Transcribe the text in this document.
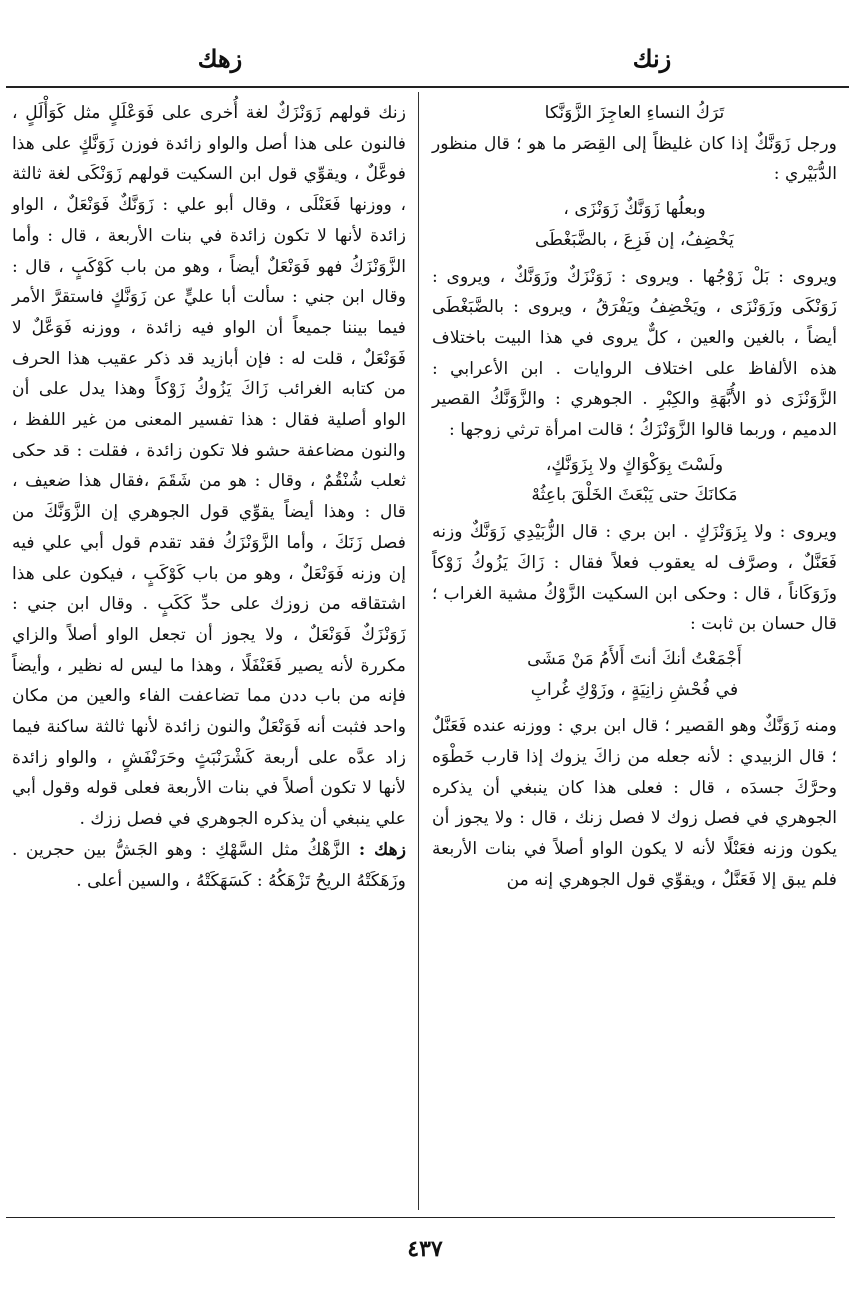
زنك
زهك

تَرَكُ النساءِ العاجِزَ الزَّوَنَّكا

ورجل زَوَنَّكٌ إذا كان غليظاً إلى القِصَر ما هو ؛ قال منظور الدُّبَيْري :

وبعلُها زَوَنَّكٌ زَوَنْزَى ،

يَخْضِفُ، إن فَزِعَ ، بالضَّبَغْطَى

ويروى : بَلْ زَوْجُها . ويروى : زَوَنْزَكٌ وزَوَنَّكٌ ، ويروى : زَوَنْكَى وزَوَنْزَى ، ويَخْضِفُ ويَفْرَقُ ، ويروى : بالضَّبَغْطَى أيضاً ، بالغين والعين ، كلٌّ يروى في هذا البيت باختلاف هذه الألفاظ على اختلاف الروايات . ابن الأعرابي : الزَّوَنْزَى ذو الأُبَّهَةِ والكِبْرِ . الجوهري : والزَّوَنَّكُ القصير الدميم ، وربما قالوا الزَّوَنْزَكُ ؛ قالت امرأة ترثي زوجها :

ولَسْتَ بِوَكْوَاكٍ ولا بِزَوَنَّكٍ،

مَكانَكَ حتى يَبْعَثَ الخَلْقَ باعِثُهْ

ويروى : ولا بِزَوَنْزَكٍ . ابن بري : قال الزُّبَيْدِي زَوَنَّكٌ وزنه فَعَنَّلٌ ، وصرَّف له يعقوب فعلاً فقال : زَاكَ يَزُوكُ زَوْكاً وزَوَكَاناً ، قال : وحكى ابن السكيت الزَّوْكُ مشية الغراب ؛ قال حسان بن ثابت :

أَجْمَعْتُ أنكَ أنتَ أَلأَمُ مَنْ مَشَى

في فُحْشِ زانِيَةٍ ، وزَوْكِ غُرابِ

ومنه زَوَنَّكٌ وهو القصير ؛ قال ابن بري : ووزنه عنده فَعَنَّلٌ ؛ قال الزبيدي : لأنه جعله من زاكَ يزوك إذا قارب خَطْوَه وحرَّكَ جسدَه ، قال : فعلى هذا كان ينبغي أن يذكره الجوهري في فصل زوك لا فصل زنك ، قال : ولا يجوز أن يكون وزنه فعَنْلًا لأنه لا يكون الواو أصلاً في بنات الأربعة فلم يبق إلا فَعَنَّلٌ ، ويقوِّي قول الجوهري إنه من

زنك قولهم زَوَنْزَكٌ لغة أُخرى على فَوَعْلَلٍ مثل كَوَأْلَلٍ ، فالنون على هذا أصل والواو زائدة فوزن زَوَنَّكٍ على هذا فوعَّلٌ ، ويقوِّي قول ابن السكيت قولهم زَوَنْكَى لغة ثالثة ، ووزنها فَعَنْلَى ، وقال أبو علي : زَوَنَّكٌ فَوَنْعَلٌ ، الواو زائدة لأنها لا تكون زائدة في بنات الأربعة ، قال : وأما الزَّوَنْزَكُ فهو فَوَنْعَلٌ أيضاً ، وهو من باب كَوْكَبٍ ، قال : وقال ابن جني : سألت أبا عليٍّ عن زَوَنَّكٍ فاستقرَّ الأمر فيما بيننا جميعاً أن الواو فيه زائدة ، ووزنه فَوَعَّلٌ لا فَوَنْعَلٌ ، قلت له : فإن أبازيد قد ذكر عقيب هذا الحرف من كتابه الغرائب زَاكَ يَزُوكُ زَوْكاً وهذا يدل على أن الواو أصلية فقال : هذا تفسير المعنى من غير اللفظ ، والنون مضاعفة حشو فلا تكون زائدة ، فقلت : قد حكى ثعلب شُنْقُمٌ ، وقال : هو من شَقَمَ ،فقال هذا ضعيف ، قال : وهذا أيضاً يقوِّي قول الجوهري إن الزَّوَنَّكَ من فصل زَنَكَ ، وأما الزَّوَنْزَكُ فقد تقدم قول أبي علي فيه إن وزنه فَوَنْعَلٌ ، وهو من باب كَوْكَبٍ ، فيكون على هذا اشتقاقه من زوزك على حدِّ كَكَبٍ . وقال ابن جني : زَوَنْزَكٌ فَوَنْعَلٌ ، ولا يجوز أن تجعل الواو أصلاً والزاي مكررة لأنه يصير فَعَنْفَلًا ، وهذا ما ليس له نظير ، وأيضاً فإنه من باب ددن مما تضاعفت الفاء والعين من مكان واحد فثبت أنه فَوَنْعَلٌ والنون زائدة لأنها ثالثة ساكنة فيما زاد عدَّه على أربعة كَشْرَنْبَثٍ وحَرَنْفَشٍ ، والواو زائدة لأنها لا تكون أصلاً في بنات الأربعة فعلى قوله وقول أبي علي ينبغي أن يذكره الجوهري في فصل ززك .

زهك : الزَّهْكُ مثل السَّهْكِ : وهو الجَشُّ بين حجرين . وزَهَكَتْهُ الريحُ تَزْهَكُهُ : كَسَهَكَتْهُ ، والسين أعلى .

٤٣٧
